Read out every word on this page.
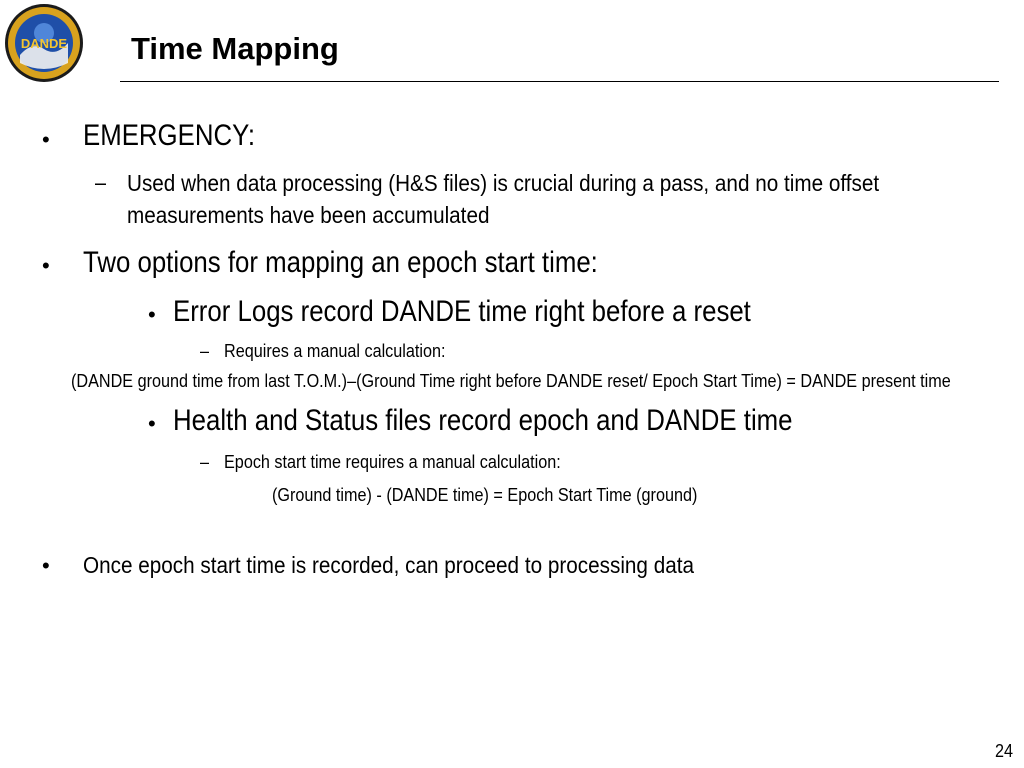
DANDE Time Mapping
• EMERGENCY:
– Used when data processing (H&S files) is crucial during a pass, and no time offset
measurements have been accumulated
• Two options for mapping an epoch start time:
• Error Logs record DANDE time right before a reset
– Requires a manual calculation:
(DANDE ground time from last T.O.M.)–(Ground Time right before DANDE reset/ Epoch Start Time) = DANDE present time
• Health and Status files record epoch and DANDE time
– Epoch start time requires a manual calculation:
(Ground time) - (DANDE time) = Epoch Start Time (ground)
• Once epoch start time is recorded, can proceed to processing data
24
